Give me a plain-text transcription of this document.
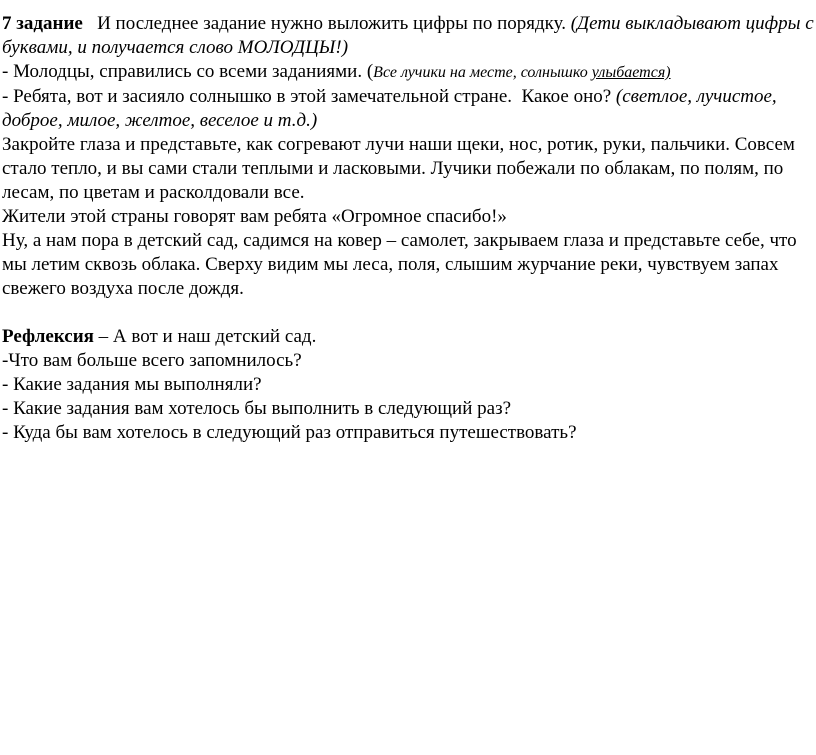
7 задание   И последнее задание нужно выложить цифры по порядку. (Дети выкладывают цифры с буквами, и получается слово МОЛОДЦЫ!)

- Молодцы, справились со всеми заданиями. (Все лучики на месте, солнышко улыбается)

- Ребята, вот и засияло солнышко в этой замечательной стране.  Какое оно? (светлое, лучистое, доброе, милое, желтое, веселое и т.д.)

Закройте глаза и представьте, как согревают лучи наши щеки, нос, ротик, руки, пальчики. Совсем стало тепло, и вы сами стали теплыми и ласковыми. Лучики побежали по облакам, по полям, по лесам, по цветам и расколдовали все.

Жители этой страны говорят вам ребята «Огромное спасибо!»

Ну, а нам пора в детский сад, садимся на ковер – самолет, закрываем глаза и представьте себе, что мы летим сквозь облака. Сверху видим мы леса, поля, слышим журчание реки, чувствуем запах свежего воздуха после дождя.

Рефлексия – А вот и наш детский сад.

-Что вам больше всего запомнилось?

- Какие задания мы выполняли?

- Какие задания вам хотелось бы выполнить в следующий раз?

- Куда бы вам хотелось в следующий раз отправиться путешествовать?
